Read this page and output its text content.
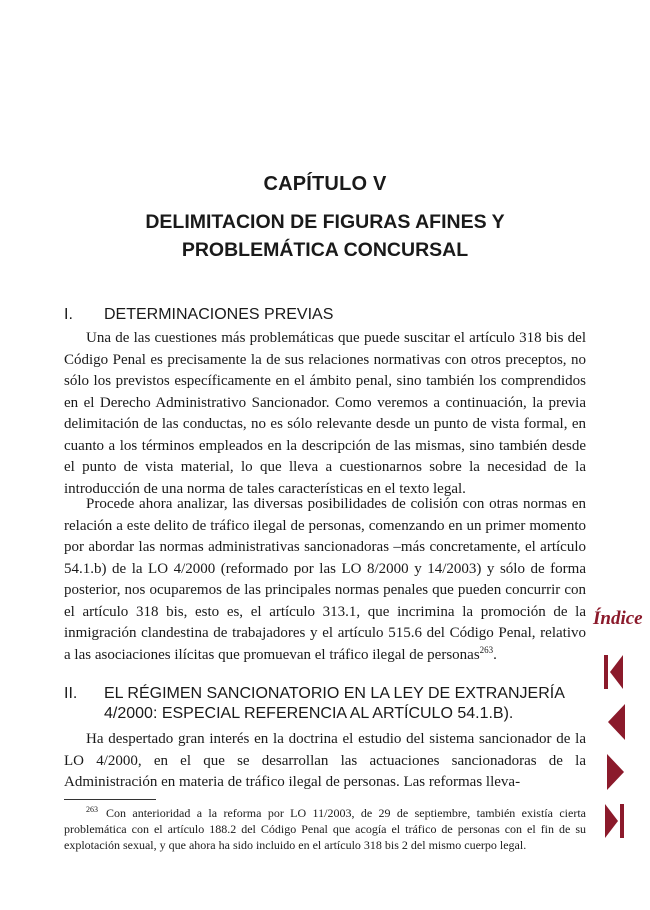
CAPÍTULO V
DELIMITACION DE FIGURAS AFINES Y PROBLEMÁTICA CONCURSAL
I. DETERMINACIONES PREVIAS

Una de las cuestiones más problemáticas que puede suscitar el artículo 318 bis del Código Penal es precisamente la de sus relaciones normativas con otros preceptos, no sólo los previstos específicamente en el ámbito penal, sino también los comprendidos en el Derecho Administrativo Sancionador. Como veremos a continuación, la previa delimitación de las conductas, no es sólo relevante desde un punto de vista formal, en cuanto a los términos empleados en la descripción de las mismas, sino también desde el punto de vista material, lo que lleva a cuestionarnos sobre la necesidad de la introducción de una norma de tales características en el texto legal.

Procede ahora analizar, las diversas posibilidades de colisión con otras normas en relación a este delito de tráfico ilegal de personas, comenzando en un primer momento por abordar las normas administrativas sancionadoras –más concretamente, el artículo 54.1.b) de la LO 4/2000 (reformado por las LO 8/2000 y 14/2003) y sólo de forma posterior, nos ocuparemos de las principales normas penales que pueden concurrir con el artículo 318 bis, esto es, el artículo 313.1, que incrimina la promoción de la inmigración clandestina de trabajadores y el artículo 515.6 del Código Penal, relativo a las asociaciones ilícitas que promuevan el tráfico ilegal de personas$^{263}$.

II. EL RÉGIMEN SANCIONATORIO EN LA LEY DE EXTRANJERÍA
4/2000: ESPECIAL REFERENCIA AL ARTÍCULO 54.1.B).

Ha despertado gran interés en la doctrina el estudio del sistema sancionador de la LO 4/2000, en el que se desarrollan las actuaciones sancionadoras de la Administración en materia de tráfico ilegal de personas. Las reformas lleva-

$^{263}$ Con anterioridad a la reforma por LO 11/2003, de 29 de septiembre, también existía cierta problemática con el artículo 188.2 del Código Penal que acogía el tráfico de personas con el fin de su explotación sexual, y que ahora ha sido incluido en el artículo 318 bis 2 del mismo cuerpo legal.

Índice
